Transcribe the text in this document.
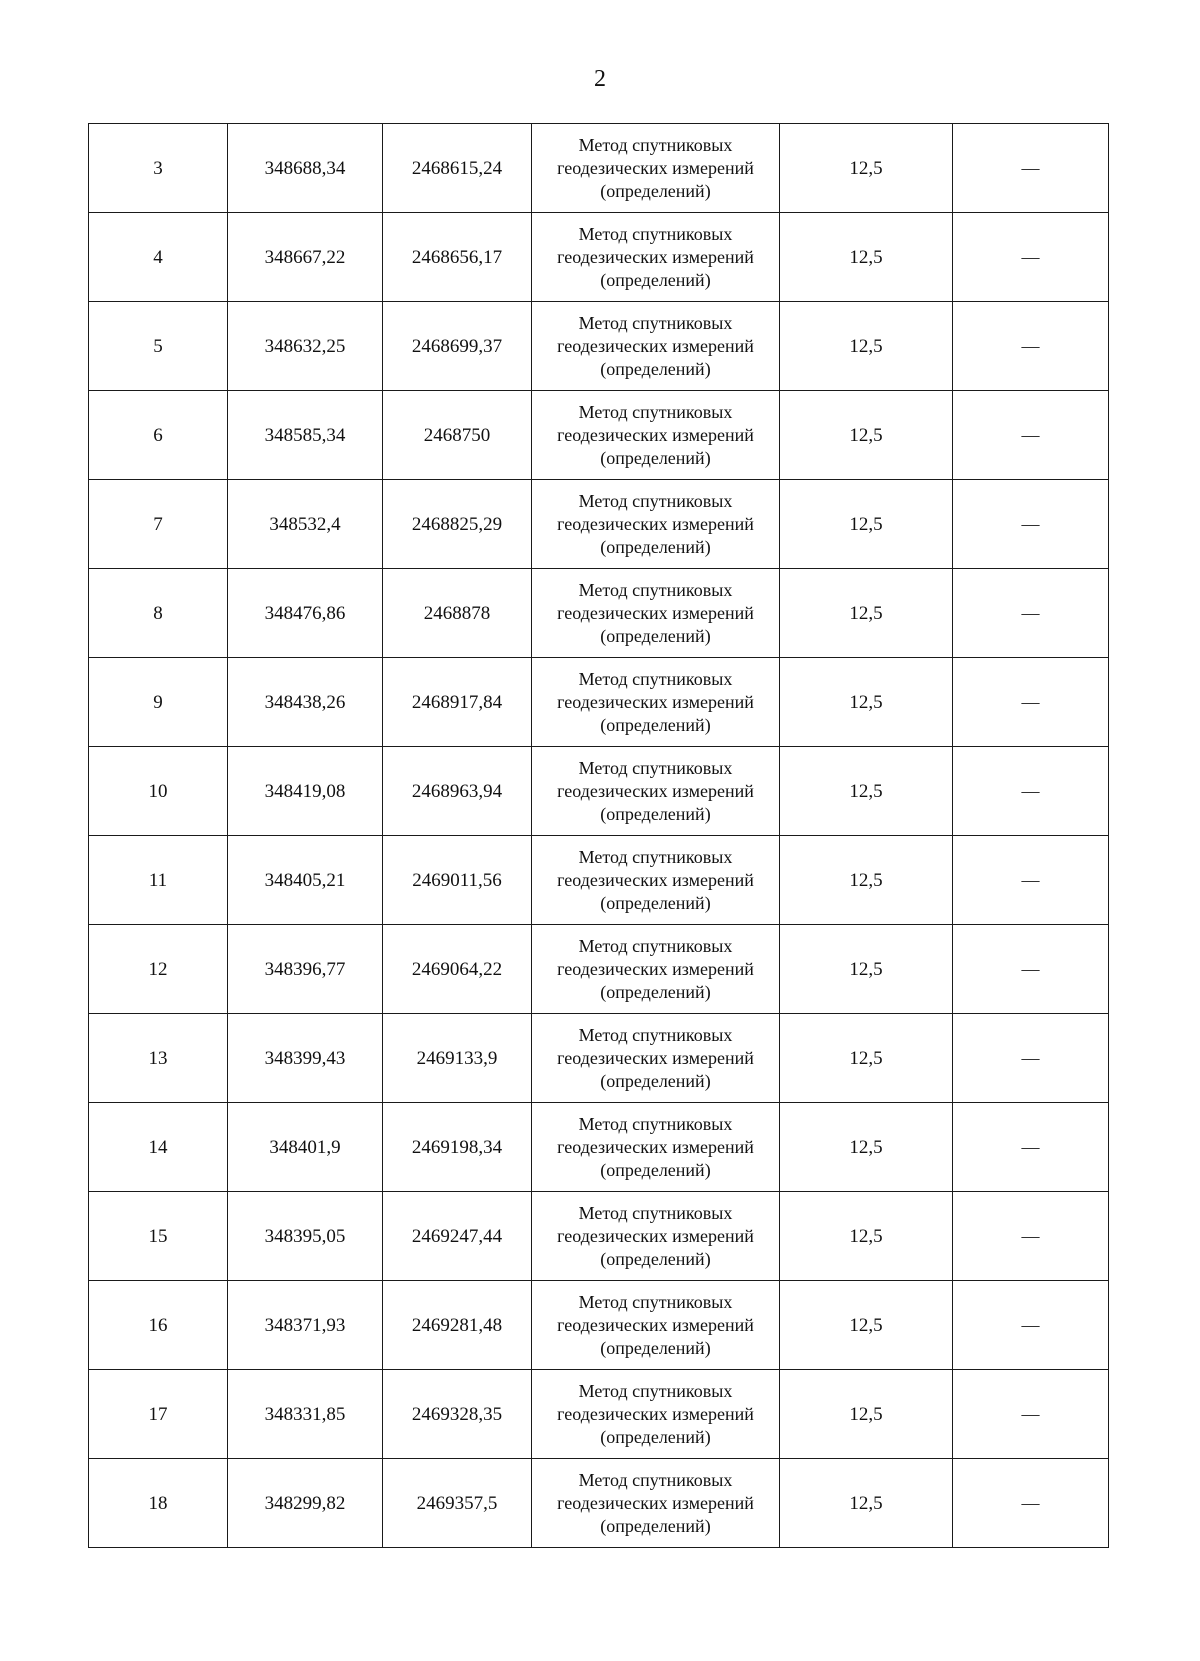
2
3	348688,34	2468615,24	Метод спутниковых геодезических измерений (определений)	12,5	—
4	348667,22	2468656,17	Метод спутниковых геодезических измерений (определений)	12,5	—
5	348632,25	2468699,37	Метод спутниковых геодезических измерений (определений)	12,5	—
6	348585,34	2468750	Метод спутниковых геодезических измерений (определений)	12,5	—
7	348532,4	2468825,29	Метод спутниковых геодезических измерений (определений)	12,5	—
8	348476,86	2468878	Метод спутниковых геодезических измерений (определений)	12,5	—
9	348438,26	2468917,84	Метод спутниковых геодезических измерений (определений)	12,5	—
10	348419,08	2468963,94	Метод спутниковых геодезических измерений (определений)	12,5	—
11	348405,21	2469011,56	Метод спутниковых геодезических измерений (определений)	12,5	—
12	348396,77	2469064,22	Метод спутниковых геодезических измерений (определений)	12,5	—
13	348399,43	2469133,9	Метод спутниковых геодезических измерений (определений)	12,5	—
14	348401,9	2469198,34	Метод спутниковых геодезических измерений (определений)	12,5	—
15	348395,05	2469247,44	Метод спутниковых геодезических измерений (определений)	12,5	—
16	348371,93	2469281,48	Метод спутниковых геодезических измерений (определений)	12,5	—
17	348331,85	2469328,35	Метод спутниковых геодезических измерений (определений)	12,5	—
18	348299,82	2469357,5	Метод спутниковых геодезических измерений (определений)	12,5	—
